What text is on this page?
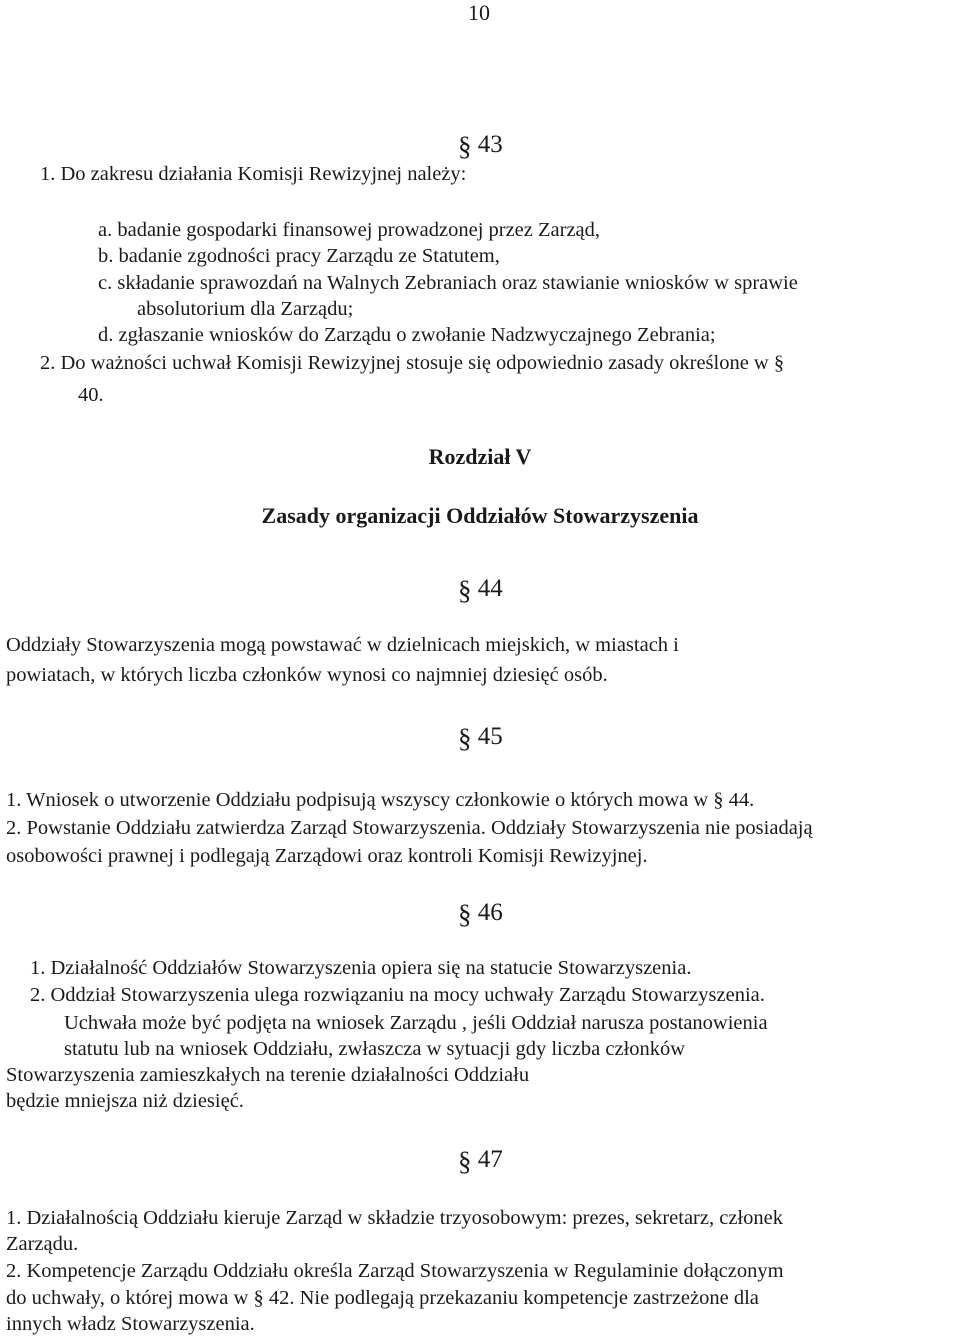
10
§ 43
1. Do zakresu działania Komisji Rewizyjnej należy:
a. badanie gospodarki finansowej prowadzonej przez Zarząd,
b. badanie zgodności pracy Zarządu ze Statutem,
c. składanie sprawozdań na Walnych Zebraniach oraz stawianie wniosków w sprawie
absolutorium dla Zarządu;
d. zgłaszanie wniosków do Zarządu o zwołanie Nadzwyczajnego Zebrania;
2. Do ważności uchwał Komisji Rewizyjnej stosuje się odpowiednio zasady określone w §
40.
Rozdział V
Zasady organizacji Oddziałów Stowarzyszenia
§ 44
Oddziały Stowarzyszenia mogą powstawać w dzielnicach miejskich, w miastach i
powiatach, w których liczba członków wynosi co najmniej dziesięć osób.
§ 45
1. Wniosek o utworzenie Oddziału podpisują wszyscy członkowie o których mowa w § 44.
2. Powstanie Oddziału zatwierdza Zarząd Stowarzyszenia. Oddziały Stowarzyszenia nie posiadają
osobowości prawnej i podlegają Zarządowi oraz kontroli Komisji Rewizyjnej.
§ 46
1. Działalność Oddziałów Stowarzyszenia opiera się na statucie Stowarzyszenia.
2. Oddział Stowarzyszenia ulega rozwiązaniu na mocy uchwały Zarządu Stowarzyszenia.
Uchwała może być podjęta na wniosek Zarządu , jeśli Oddział narusza postanowienia
statutu lub na wniosek Oddziału, zwłaszcza w sytuacji gdy liczba członków
Stowarzyszenia zamieszkałych na terenie działalności Oddziału
będzie mniejsza niż dziesięć.
§ 47
1. Działalnością Oddziału kieruje Zarząd w składzie trzyosobowym: prezes, sekretarz, członek
Zarządu.
2. Kompetencje Zarządu Oddziału określa Zarząd Stowarzyszenia w Regulaminie dołączonym
do uchwały, o której mowa w § 42. Nie podlegają przekazaniu kompetencje zastrzeżone dla
innych władz Stowarzyszenia.
